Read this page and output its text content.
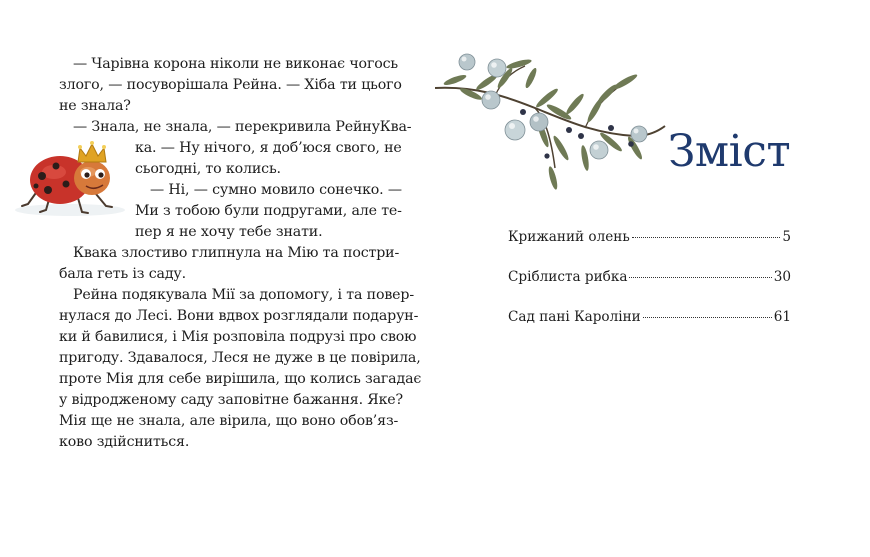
— Чарівна корона ніколи не виконає чогось
злого, — посуворішала Рейна. — Хіба ти цього
не знала?
— Знала, не знала, — перекривила РейнуКва-
ка. — Ну нічого, я доб’юся свого, не
сьогодні, то колись.
— Ні, — сумно мовило сонечко. —
Ми з тобою були подругами, але те-
пер я не хочу тебе знати.
Квака злостиво глипнула на Мію та постри-
бала геть із саду.
Рейна подякувала Мії за допомогу, і та повер-
нулася до Лесі. Вони вдвох розглядали подарун-
ки й бавилися, і Мія розповіла подрузі про свою
пригоду. Здавалося, Леся не дуже в це повірила,
проте Мія для себе вирішила, що колись загадає
у відродженому саду заповітне бажання. Яке?
Мія ще не знала, але вірила, що воно обов’яз-
ково здійсниться.
Зміст
Крижаний олень	5
Сріблиста рибка	30
Сад пані Кароліни	61
